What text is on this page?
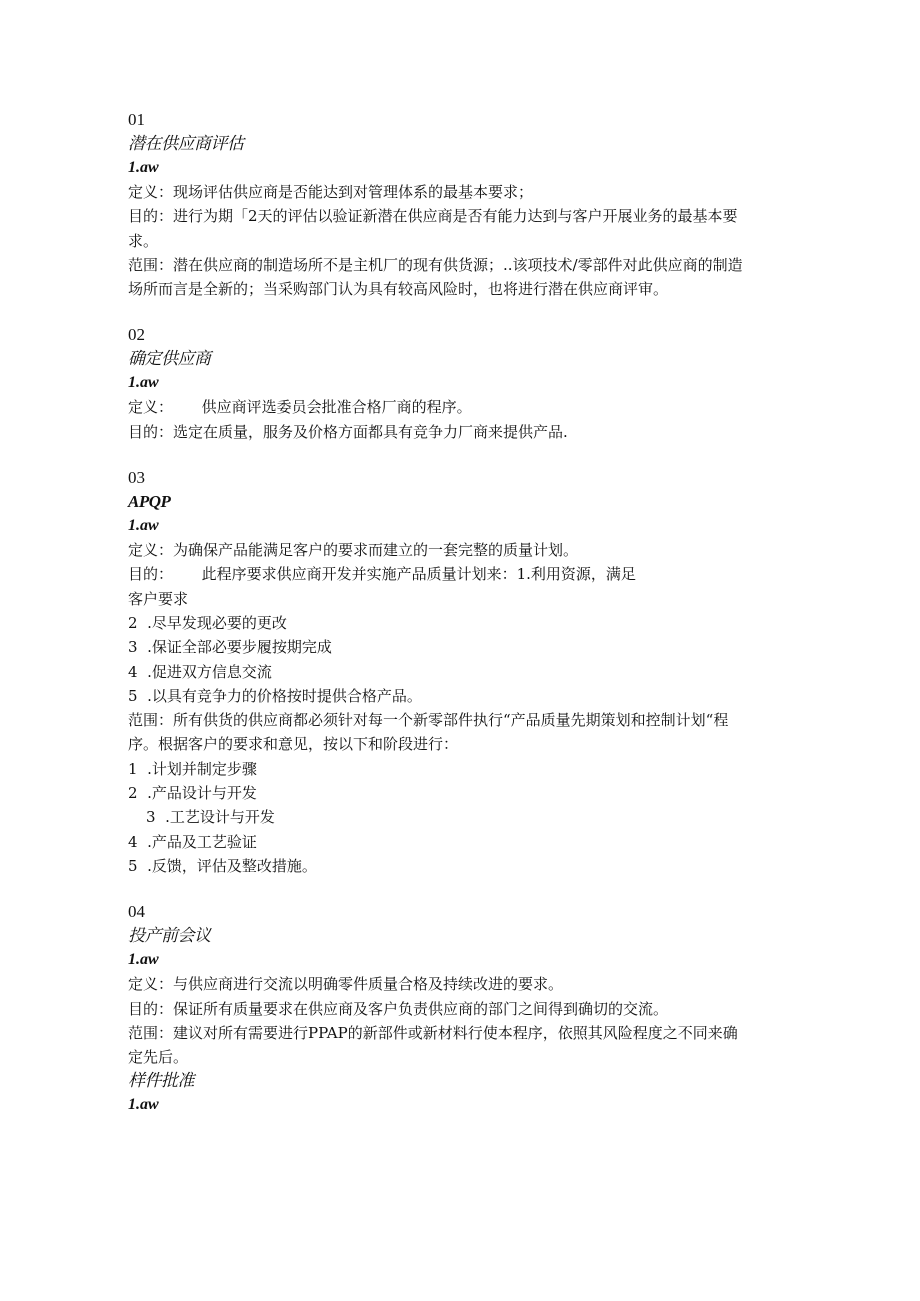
01
潜在供应商评估
1.aw
定义：现场评估供应商是否能达到对管理体系的最基本要求；
目的：进行为期「2天的评估以验证新潜在供应商是否有能力达到与客户开展业务的最基本要
求。
范围：潜在供应商的制造场所不是主机厂的现有供货源；..该项技术/零部件对此供应商的制造
场所而言是全新的；当采购部门认为具有较高风险时，也将进行潜在供应商评审。
02
确定供应商
1.aw
定义：      供应商评选委员会批准合格厂商的程序。
目的：选定在质量，服务及价格方面都具有竞争力厂商来提供产品.
03
APQP
1.aw
定义：为确保产品能满足客户的要求而建立的一套完整的质量计划。
目的：      此程序要求供应商开发并实施产品质量计划来：1.利用资源，满足
客户要求
2  .尽早发现必要的更改
3  .保证全部必要步履按期完成
4  .促进双方信息交流
5  .以具有竞争力的价格按时提供合格产品。
范围：所有供货的供应商都必须针对每一个新零部件执行“产品质量先期策划和控制计划“程
序。根据客户的要求和意见，按以下和阶段进行：
1  .计划并制定步骤
2  .产品设计与开发
3  .工艺设计与开发
4  .产品及工艺验证
5  .反馈，评估及整改措施。
04
投产前会议
1.aw
定义：与供应商进行交流以明确零件质量合格及持续改进的要求。
目的：保证所有质量要求在供应商及客户负责供应商的部门之间得到确切的交流。
范围：建议对所有需要进行PPAP的新部件或新材料行使本程序，依照其风险程度之不同来确
定先后。
样件批准
1.aw
